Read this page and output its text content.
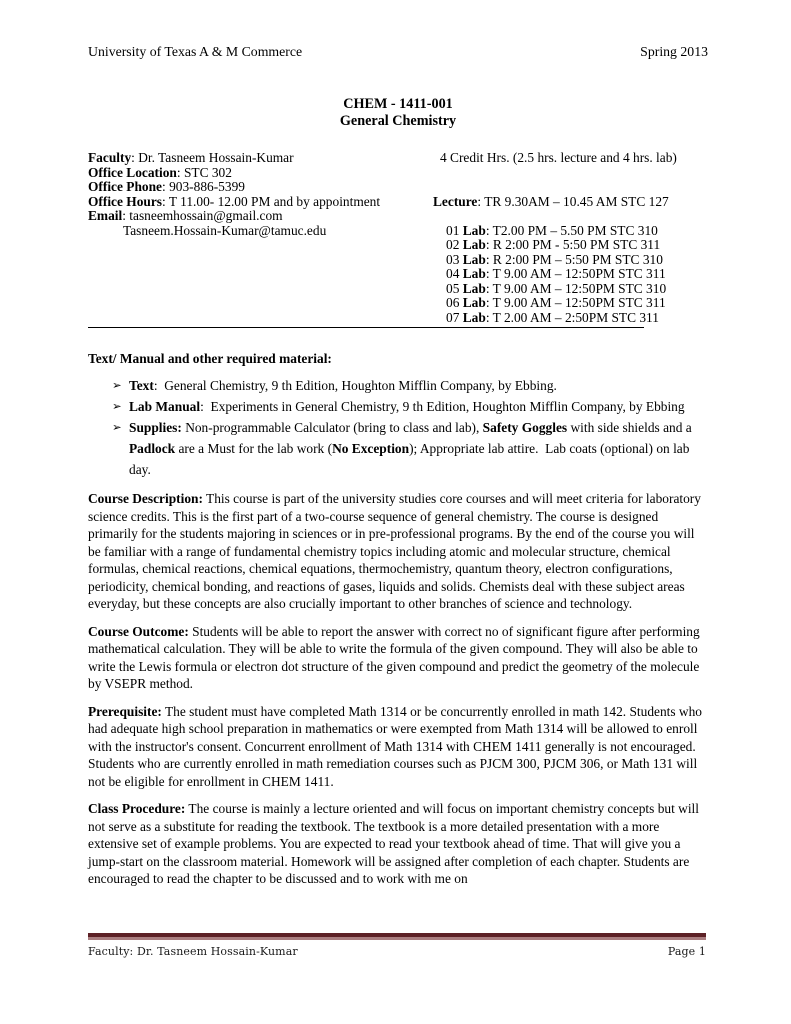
University of Texas A & M Commerce	Spring 2013
CHEM - 1411-001
General Chemistry
Faculty: Dr. Tasneem Hossain-Kumar
Office Location: STC 302
Office Phone: 903-886-5399
Office Hours: T 11.00- 12.00 PM and by appointment
Email: tasneemhossain@gmail.com
Tasneem.Hossain-Kumar@tamuc.edu
4 Credit Hrs. (2.5 hrs. lecture and 4 hrs. lab)
Lecture: TR 9.30AM – 10.45 AM STC 127
01 Lab: T2.00 PM – 5.50 PM STC 310
02 Lab: R 2:00 PM - 5:50 PM STC 311
03 Lab: R 2:00 PM – 5:50 PM STC 310
04 Lab: T 9.00 AM – 12:50PM STC 311
05 Lab: T 9.00 AM – 12:50PM STC 310
06 Lab: T 9.00 AM – 12:50PM STC 311
07 Lab: T 2.00 AM – 2:50PM STC 311
Text/ Manual and other required material:
➢ Text:  General Chemistry, 9 th Edition, Houghton Mifflin Company, by Ebbing.
➢ Lab Manual:  Experiments in General Chemistry, 9 th Edition, Houghton Mifflin Company, by Ebbing
➢ Supplies: Non-programmable Calculator (bring to class and lab), Safety Goggles with side shields and a Padlock are a Must for the lab work (No Exception); Appropriate lab attire.  Lab coats (optional) on lab day.
Course Description: This course is part of the university studies core courses and will meet criteria for laboratory science credits. This is the first part of a two-course sequence of general chemistry. The course is designed primarily for the students majoring in sciences or in pre-professional programs. By the end of the course you will be familiar with a range of fundamental chemistry topics including atomic and molecular structure, chemical formulas, chemical reactions, chemical equations, thermochemistry, quantum theory, electron configurations, periodicity, chemical bonding, and reactions of gases, liquids and solids. Chemists deal with these subject areas everyday, but these concepts are also crucially important to other branches of science and technology.
Course Outcome: Students will be able to report the answer with correct no of significant figure after performing mathematical calculation. They will be able to write the formula of the given compound. They will also be able to write the Lewis formula or electron dot structure of the given compound and predict the geometry of the molecule by VSEPR method.
Prerequisite: The student must have completed Math 1314 or be concurrently enrolled in math 142. Students who had adequate high school preparation in mathematics or were exempted from Math 1314 will be allowed to enroll with the instructor's consent. Concurrent enrollment of Math 1314 with CHEM 1411 generally is not encouraged. Students who are currently enrolled in math remediation courses such as PJCM 300, PJCM 306, or Math 131 will not be eligible for enrollment in CHEM 1411.
Class Procedure: The course is mainly a lecture oriented and will focus on important chemistry concepts but will not serve as a substitute for reading the textbook. The textbook is a more detailed presentation with a more extensive set of example problems. You are expected to read your textbook ahead of time. That will give you a jump-start on the classroom material. Homework will be assigned after completion of each chapter. Students are encouraged to read the chapter to be discussed and to work with me on
Faculty: Dr. Tasneem Hossain-Kumar	Page 1
